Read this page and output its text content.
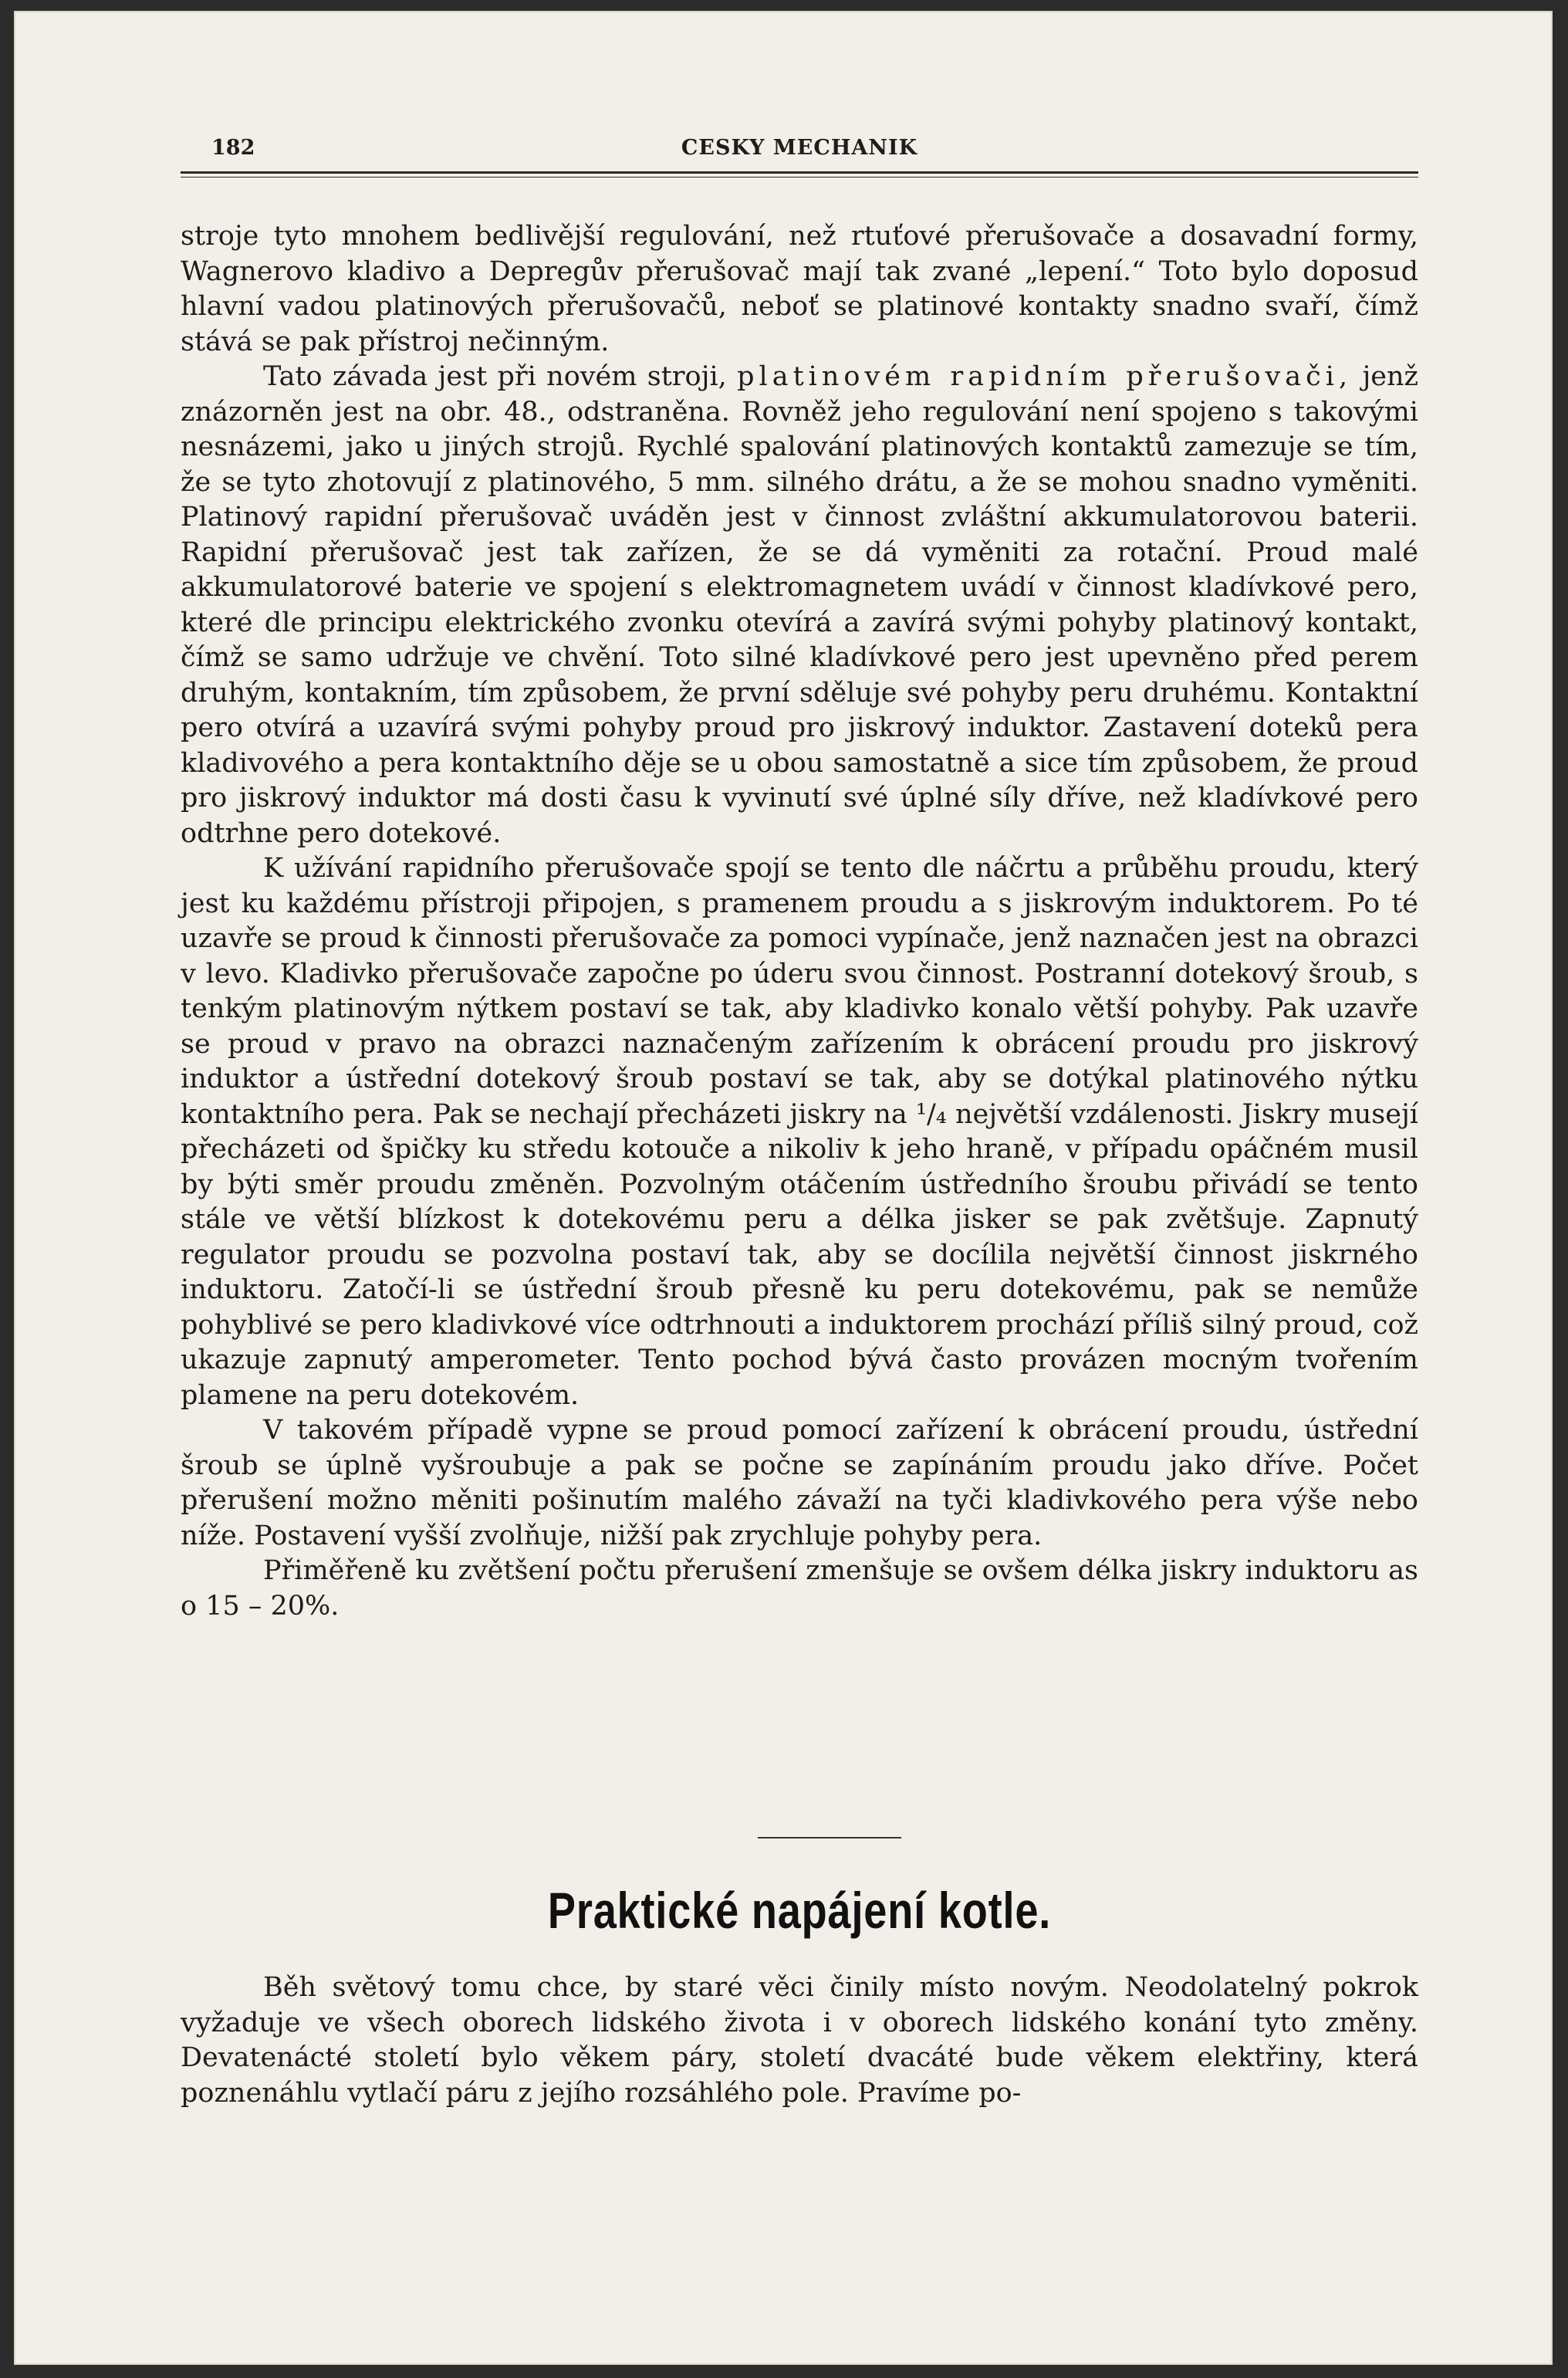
182	CESKY MECHANIK

stroje tyto mnohem bedlivější regulování, než rtuťové přerušovače a dosavadní formy, Wagnerovo kladivo a Depregův přerušovač mají tak zvané „lepení.“ Toto bylo doposud hlavní vadou platinových přerušovačů, neboť se platinové kontakty snadno svaří, čímž stává se pak přístroj nečinným.

Tato závada jest při novém stroji, platinovém rapidním přerušovači, jenž znázorněn jest na obr. 48., odstraněna. Rovněž jeho regulování není spojeno s takovými nesnázemi, jako u jiných strojů. Rychlé spalování platinových kontaktů zamezuje se tím, že se tyto zhotovují z platinového, 5 mm. silného drátu, a že se mohou snadno vyměniti. Platinový rapidní přerušovač uváděn jest v činnost zvláštní akkumulatorovou baterii. Rapidní přerušovač jest tak zařízen, že se dá vyměniti za rotační. Proud malé akkumulatorové baterie ve spojení s elektromagnetem uvádí v činnost kladívkové pero, které dle principu elektrického zvonku otevírá a zavírá svými pohyby platinový kontakt, čímž se samo udržuje ve chvění. Toto silné kladívkové pero jest upevněno před perem druhým, kontakním, tím způsobem, že první sděluje své pohyby peru druhému. Kontaktní pero otvírá a uzavírá svými pohyby proud pro jiskrový induktor. Zastavení doteků pera kladivového a pera kontaktního děje se u obou samostatně a sice tím způsobem, že proud pro jiskrový induktor má dosti času k vyvinutí své úplné síly dříve, než kladívkové pero odtrhne pero dotekové.

K užívání rapidního přerušovače spojí se tento dle náčrtu a průběhu proudu, který jest ku každému přístroji připojen, s pramenem proudu a s jiskrovým induktorem. Po té uzavře se proud k činnosti přerušovače za pomoci vypínače, jenž naznačen jest na obrazci v levo. Kladivko přerušovače započne po úderu svou činnost. Postranní dotekový šroub, s tenkým platinovým nýtkem postaví se tak, aby kladivko konalo větší pohyby. Pak uzavře se proud v pravo na obrazci naznačeným zařízením k obrácení proudu pro jiskrový induktor a ústřední dotekový šroub postaví se tak, aby se dotýkal platinového nýtku kontaktního pera. Pak se nechají přecházeti jiskry na ¹/₄ největší vzdálenosti. Jiskry musejí přecházeti od špičky ku středu kotouče a nikoliv k jeho hraně, v případu opáčném musil by býti směr proudu změněn. Pozvolným otáčením ústředního šroubu přivádí se tento stále ve větší blízkost k dotekovému peru a délka jisker se pak zvětšuje. Zapnutý regulator proudu se pozvolna postaví tak, aby se docílila největší činnost jiskrného induktoru. Zatočí-li se ústřední šroub přesně ku peru dotekovému, pak se nemůže pohyblivé se pero kladivkové více odtrhnouti a induktorem prochází příliš silný proud, což ukazuje zapnutý amperometer. Tento pochod bývá často provázen mocným tvořením plamene na peru dotekovém.

V takovém případě vypne se proud pomocí zařízení k obrácení proudu, ústřední šroub se úplně vyšroubuje a pak se počne se zapínáním proudu jako dříve. Počet přerušení možno měniti pošinutím malého závaží na tyči kladivkového pera výše nebo níže. Postavení vyšší zvolňuje, nižší pak zrychluje pohyby pera.

Přiměřeně ku zvětšení počtu přerušení zmenšuje se ovšem délka jiskry induktoru as o 15 – 20%.

Praktické napájení kotle.

Běh světový tomu chce, by staré věci činily místo novým. Neodolatelný pokrok vyžaduje ve všech oborech lidského života i v oborech lidského konání tyto změny. Devatenácté století bylo věkem páry, století dvacáté bude věkem elektřiny, která poznenáhlu vytlačí páru z jejího rozsáhlého pole. Pravíme po-
